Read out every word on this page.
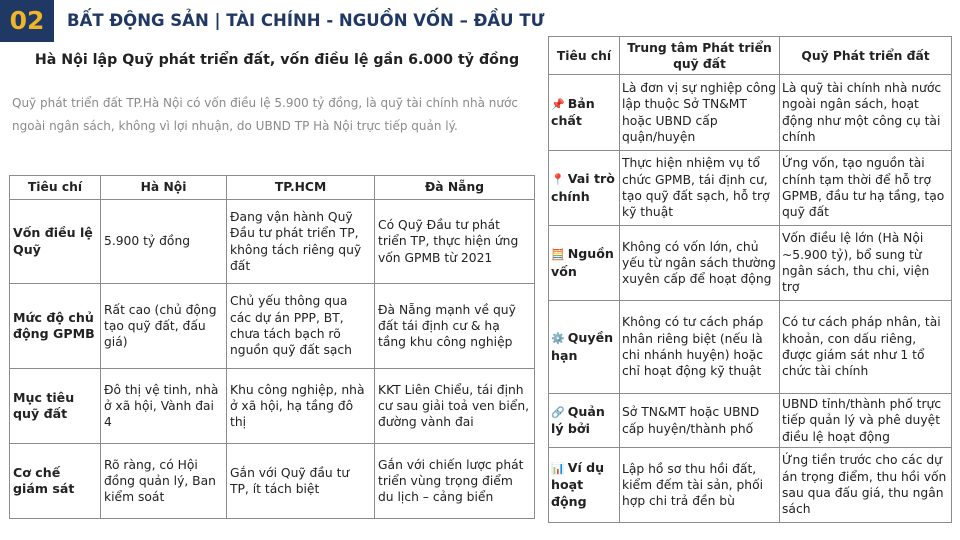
02	BẤT ĐỘNG SẢN | TÀI CHÍNH - NGUỒN VỐN – ĐẦU TƯ
Hà Nội lập Quỹ phát triển đất, vốn điều lệ gần 6.000 tỷ đồng
Quỹ phát triển đất TP.Hà Nội có vốn điều lệ 5.900 tỷ đồng, là quỹ tài chính nhà nước ngoài ngân sách, không vì lợi nhuận, do UBND TP Hà Nội trực tiếp quản lý.
Tiêu chí	Hà Nội	TP.HCM	Đà Nẵng
Vốn điều lệ Quỹ	5.900 tỷ đồng	Đang vận hành Quỹ Đầu tư phát triển TP, không tách riêng quỹ đất	Có Quỹ Đầu tư phát triển TP, thực hiện ứng vốn GPMB từ 2021
Mức độ chủ động GPMB	Rất cao (chủ động tạo quỹ đất, đấu giá)	Chủ yếu thông qua các dự án PPP, BT, chưa tách bạch rõ nguồn quỹ đất sạch	Đà Nẵng mạnh về quỹ đất tái định cư & hạ tầng khu công nghiệp
Mục tiêu quỹ đất	Đô thị vệ tinh, nhà ở xã hội, Vành đai 4	Khu công nghiệp, nhà ở xã hội, hạ tầng đô thị	KKT Liên Chiểu, tái định cư sau giải toả ven biển, đường vành đai
Cơ chế giám sát	Rõ ràng, có Hội đồng quản lý, Ban kiểm soát	Gắn với Quỹ đầu tư TP, ít tách biệt	Gắn với chiến lược phát triển vùng trọng điểm du lịch – cảng biển
Tiêu chí	Trung tâm Phát triển quỹ đất	Quỹ Phát triển đất
📌 Bản chất	Là đơn vị sự nghiệp công lập thuộc Sở TN&MT hoặc UBND cấp quận/huyện	Là quỹ tài chính nhà nước ngoài ngân sách, hoạt động như một công cụ tài chính
📍 Vai trò chính	Thực hiện nhiệm vụ tổ chức GPMB, tái định cư, tạo quỹ đất sạch, hỗ trợ kỹ thuật	Ứng vốn, tạo nguồn tài chính tạm thời để hỗ trợ GPMB, đầu tư hạ tầng, tạo quỹ đất
🧮 Nguồn vốn	Không có vốn lớn, chủ yếu từ ngân sách thường xuyên cấp để hoạt động	Vốn điều lệ lớn (Hà Nội ~5.900 tỷ), bổ sung từ ngân sách, thu chi, viện trợ
⚙️ Quyền hạn	Không có tư cách pháp nhân riêng biệt (nếu là chi nhánh huyện) hoặc chỉ hoạt động kỹ thuật	Có tư cách pháp nhân, tài khoản, con dấu riêng, được giám sát như 1 tổ chức tài chính
🔗 Quản lý bởi	Sở TN&MT hoặc UBND cấp huyện/thành phố	UBND tỉnh/thành phố trực tiếp quản lý và phê duyệt điều lệ hoạt động
📊 Ví dụ hoạt động	Lập hồ sơ thu hồi đất, kiểm đếm tài sản, phối hợp chi trả đền bù	Ứng tiền trước cho các dự án trọng điểm, thu hồi vốn sau qua đấu giá, thu ngân sách
